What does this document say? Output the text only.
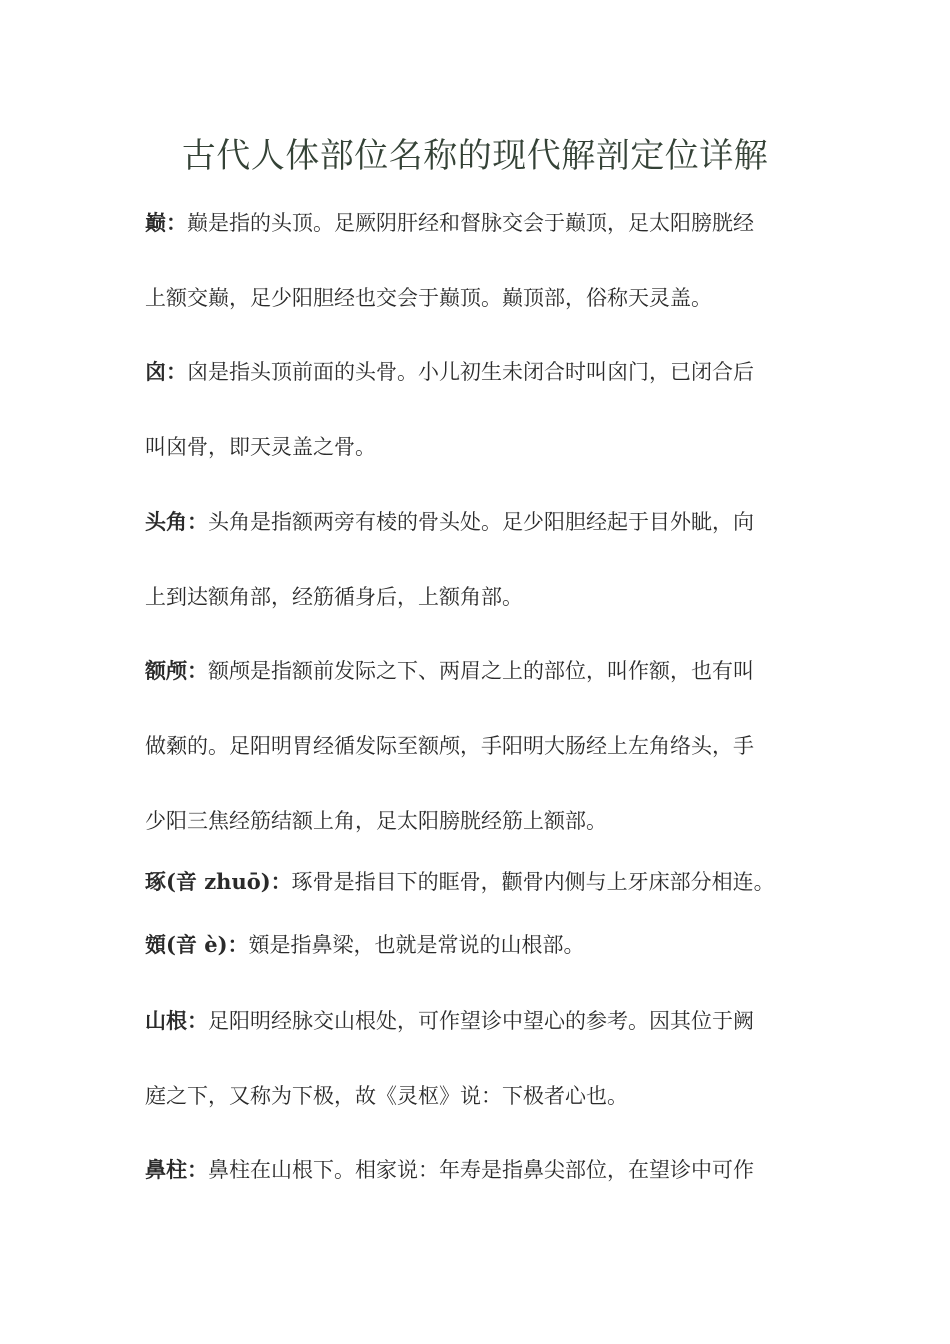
古代人体部位名称的现代解剖定位详解
巅：巅是指的头顶。足厥阴肝经和督脉交会于巅顶，足太阳膀胱经
上额交巅，足少阳胆经也交会于巅顶。巅顶部，俗称天灵盖。
囟：囟是指头顶前面的头骨。小儿初生未闭合时叫囟门，已闭合后
叫囟骨，即天灵盖之骨。
头角：头角是指额两旁有棱的骨头处。足少阳胆经起于目外眦，向
上到达额角部，经筋循身后，上额角部。
额颅：额颅是指额前发际之下、两眉之上的部位，叫作额，也有叫
做颡的。足阳明胃经循发际至额颅，手阳明大肠经上左角络头，手
少阳三焦经筋结额上角，足太阳膀胱经筋上额部。
琢(音 zhuō)：琢骨是指目下的眶骨，颧骨内侧与上牙床部分相连。
頞(音 è)：頞是指鼻梁，也就是常说的山根部。
山根：足阳明经脉交山根处，可作望诊中望心的参考。因其位于阙
庭之下，又称为下极，故《灵枢》说：下极者心也。
鼻柱：鼻柱在山根下。相家说：年寿是指鼻尖部位，在望诊中可作
